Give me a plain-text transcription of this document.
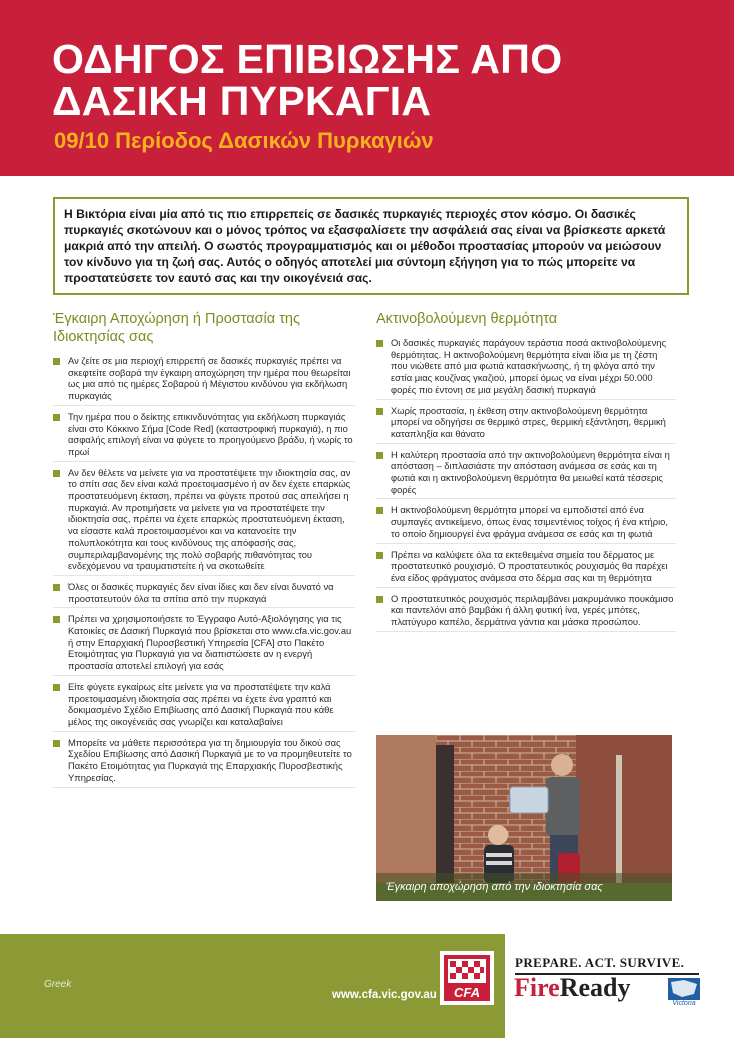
ΟΔΗΓΟΣ ΕΠΙΒΙΩΣΗΣ ΑΠΟ
ΔΑΣΙΚΗ ΠΥΡΚΑΓΙΑ
09/10 Περίοδος Δασικών Πυρκαγιών

Η Βικτόρια είναι μία από τις πιο επιρρεπείς σε δασικές πυρκαγιές περιοχές στον κόσμο. Οι δασικές πυρκαγιές σκοτώνουν και ο μόνος τρόπος να εξασφαλίσετε την ασφάλειά σας είναι να βρίσκεστε αρκετά μακριά από την απειλή. Ο σωστός προγραμματισμός και οι μέθοδοι προστασίας μπορούν να μειώσουν τον κίνδυνο για τη ζωή σας. Αυτός ο οδηγός αποτελεί μια σύντομη εξήγηση για το πώς μπορείτε να προστατεύσετε τον εαυτό σας και την οικογένειά σας.

Έγκαιρη Αποχώρηση ή Προστασία της Ιδιοκτησίας σας
Αν ζείτε σε μια περιοχή επιρρεπή σε δασικές πυρκαγιές πρέπει να σκεφτείτε σοβαρά την έγκαιρη αποχώρηση την ημέρα που θεωρείται ως μια από τις ημέρες Σοβαρού ή Μέγιστου κινδύνου για εκδήλωση πυρκαγιάς
Την ημέρα που ο δείκτης επικινδυνότητας για εκδήλωση πυρκαγιάς είναι στο Κόκκινο Σήμα [Code Red] (καταστροφική πυρκαγιά), η πιο ασφαλής επιλογή είναι να φύγετε το προηγούμενο βράδυ, ή νωρίς το πρωί
Αν δεν θέλετε να μείνετε για να προστατέψετε την ιδιοκτησία σας, αν το σπίτι σας δεν είναι καλά προετοιμασμένο ή αν δεν έχετε επαρκώς προστατευόμενη έκταση, πρέπει να φύγετε προτού σας απειλήσει η πυρκαγιά. Αν προτιμήσετε να μείνετε για να προστατέψετε την ιδιοκτησία σας, πρέπει να έχετε επαρκώς προστατευόμενη έκταση, να είσαστε καλά προετοιμασμένοι και να κατανοείτε την πολυπλοκότητα και τους κινδύνους της απόφασής σας, συμπεριλαμβανομένης της πολύ σοβαρής πιθανότητας του ενδεχόμενου να τραυματιστείτε ή να σκοτωθείτε
Όλες οι δασικές πυρκαγιές δεν είναι ίδιες και δεν είναι δυνατό να προστατευτούν όλα τα σπίτια από την πυρκαγιά
Πρέπει να χρησιμοποιήσετε το Έγγραφο Αυτό-Αξιολόγησης για τις Κατοικίες σε Δασική Πυρκαγιά που βρίσκεται στο www.cfa.vic.gov.au ή στην Επαρχιακή Πυροσβεστική Υπηρεσία [CFA] στο Πακέτο Ετοιμότητας για Πυρκαγιά για να διαπιστώσετε αν η ενεργή προστασία αποτελεί επιλογή για εσάς
Είτε φύγετε εγκαίρως είτε μείνετε για να προστατέψετε την καλά προετοιμασμένη ιδιοκτησία σας πρέπει να έχετε ένα γραπτό και δοκιμασμένο Σχέδιο Επιβίωσης από Δασική Πυρκαγιά που κάθε μέλος της οικογένειάς σας γνωρίζει και καταλαβαίνει
Μπορείτε να μάθετε περισσότερα για τη δημιουργία του δικού σας Σχεδίου Επιβίωσης από Δασική Πυρκαγιά με το να προμηθευτείτε το Πακέτο Ετοιμότητας για Πυρκαγιά της Επαρχιακής Πυροσβεστικής Υπηρεσίας.
Ακτινοβολούμενη θερμότητα
Οι δασικές πυρκαγιές παράγουν τεράστια ποσά ακτινοβολούμενης θερμότητας. Η ακτινοβολούμενη θερμότητα είναι ίδια με τη ζέστη που νιώθετε από μια φωτιά κατασκήνωσης, ή τη φλόγα από την εστία μιας κουζίνας γκαζιού, μπορεί όμως να είναι μέχρι 50.000 φορές πιο έντονη σε μια μεγάλη δασική πυρκαγιά
Χωρίς προστασία, η έκθεση στην ακτινοβολούμενη θερμότητα μπορεί να οδηγήσει σε θερμικό στρες, θερμική εξάντληση, θερμική καταπληξία και θάνατο
Η καλύτερη προστασία από την ακτινοβολούμενη θερμότητα είναι η απόσταση – διπλασιάστε την απόσταση ανάμεσα σε εσάς και τη φωτιά και η ακτινοβολούμενη θερμότητα θα μειωθεί κατά τέσσερις φορές
Η ακτινοβολούμενη θερμότητα μπορεί να εμποδιστεί από ένα συμπαγές αντικείμενο, όπως ένας τσιμεντένιος τοίχος ή ένα κτήριο, το οποίο δημιουργεί ένα φράγμα ανάμεσα σε εσάς και τη φωτιά
Πρέπει να καλύψετε όλα τα εκτεθειμένα σημεία του δέρματος με προστατευτικό ρουχισμό. Ο προστατευτικός ρουχισμός θα παρέχει ένα είδος φράγματος ανάμεσα στο δέρμα σας και τη θερμότητα
Ο προστατευτικός ρουχισμός περιλαμβάνει μακρυμάνικο πουκάμισο και παντελόνι από βαμβάκι ή άλλη φυτική ίνα, γερές μπότες, πλατύγυρο καπέλο, δερμάτινα γάντια και μάσκα προσώπου.
Έγκαιρη αποχώρηση από την ιδιοκτησία σας
Greek
www.cfa.vic.gov.au CFA
PREPARE. ACT. SURVIVE.
FireReady
Victoria
